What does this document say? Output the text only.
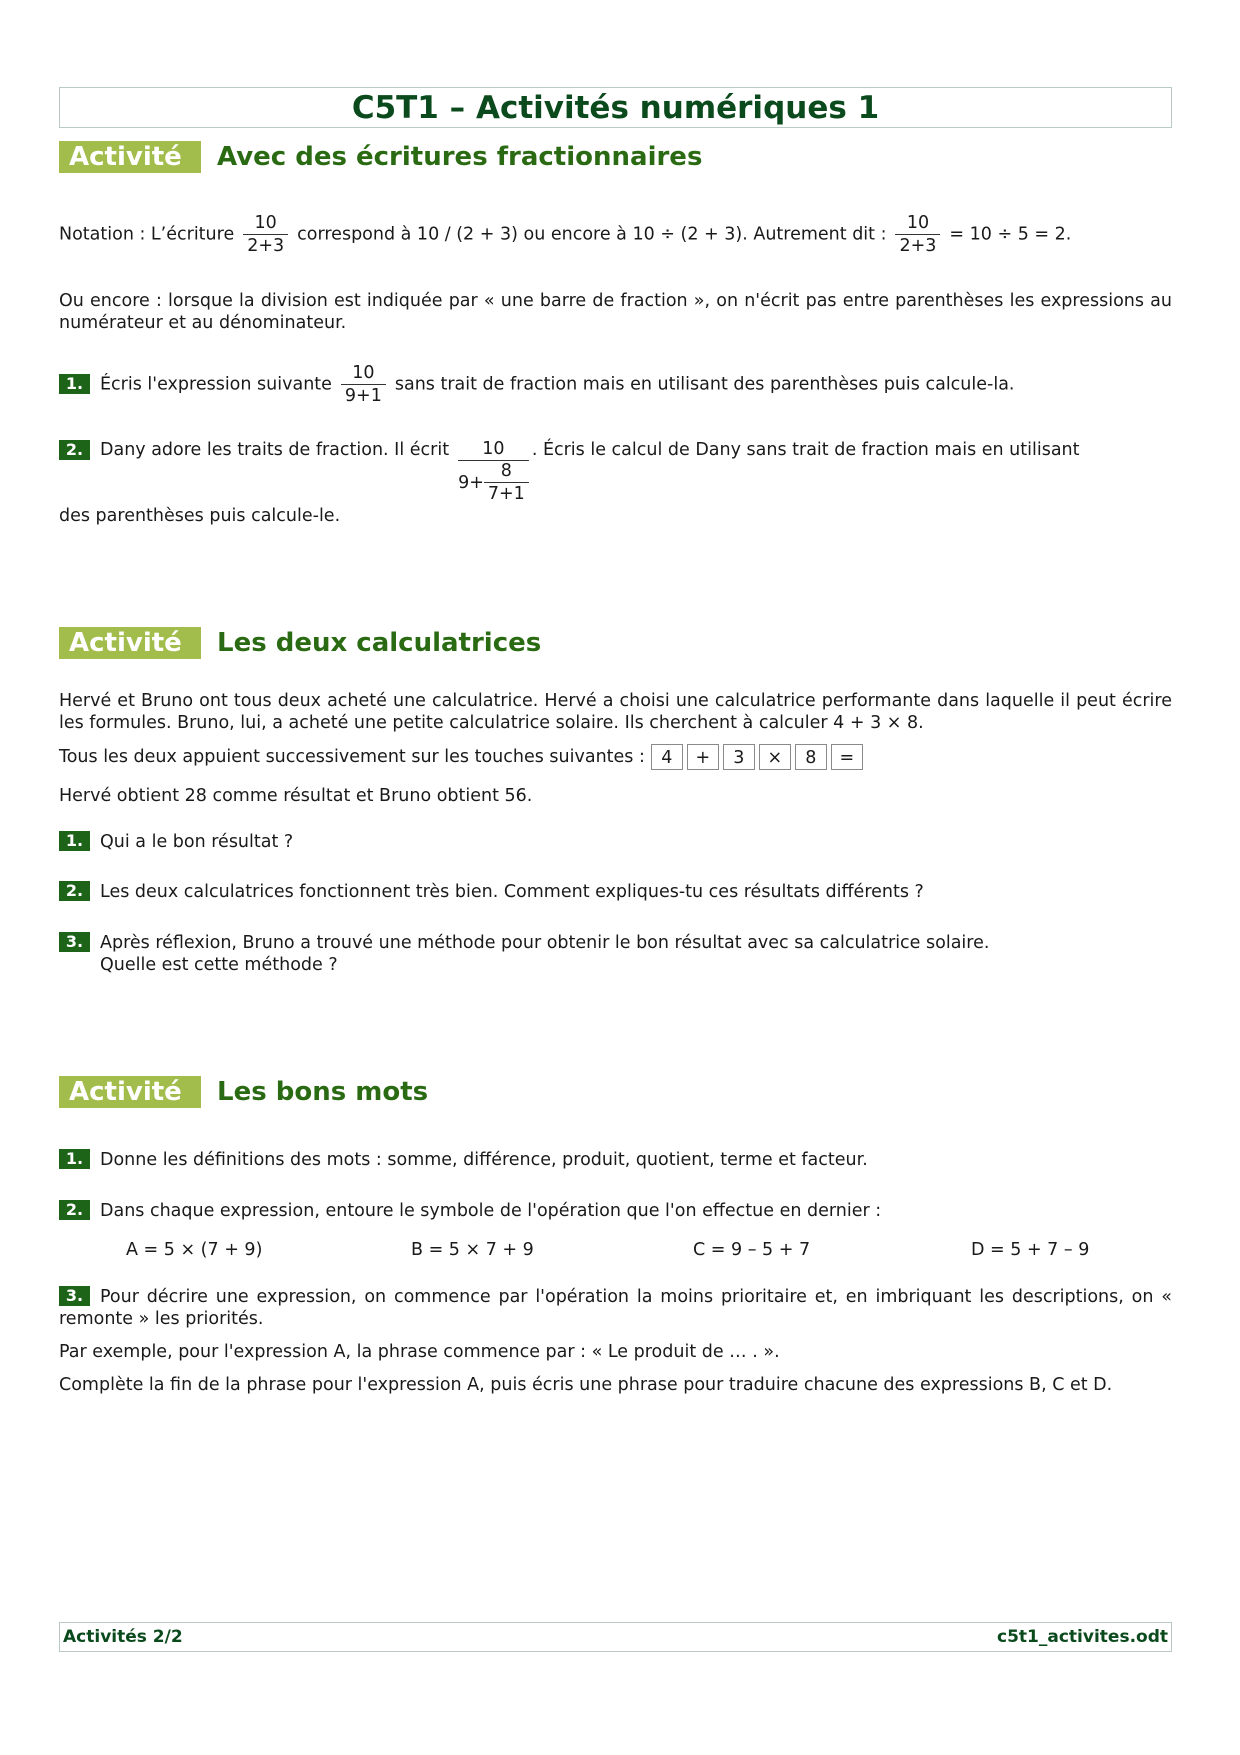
C5T1 – Activités numériques 1
Activité 3
Avec des écritures fractionnaires
Notation : L’écriture $\frac{10}{2+3}$ correspond à 10 / (2 + 3) ou encore à 10 ÷ (2 + 3). Autrement dit : $\frac{10}{2+3} = 10 \div 5 = 2$.
Ou encore : lorsque la division est indiquée par « une barre de fraction », on n'écrit pas entre parenthèses les expressions au numérateur et au dénominateur.
1. Écris l'expression suivante $\frac{10}{9+1}$ sans trait de fraction mais en utilisant des parenthèses puis calcule-la.
2. Dany adore les traits de fraction. Il écrit $\frac{10}{9+ \frac{8}{7+1}}$ . Écris le calcul de Dany sans trait de fraction mais en utilisant
des parenthèses puis calcule-le.
Activité 4
Les deux calculatrices
Hervé et Bruno ont tous deux acheté une calculatrice. Hervé a choisi une calculatrice performante dans laquelle il peut écrire les formules. Bruno, lui, a acheté une petite calculatrice solaire. Ils cherchent à calculer 4 + 3 × 8.
Tous les deux appuient successivement sur les touches suivantes : 4 + 3 × 8 =
Hervé obtient 28 comme résultat et Bruno obtient 56.
1. Qui a le bon résultat ?
2. Les deux calculatrices fonctionnent très bien. Comment expliques-tu ces résultats différents ?
3. Après réflexion, Bruno a trouvé une méthode pour obtenir le bon résultat avec sa calculatrice solaire.
Quelle est cette méthode ?
Activité 5
Les bons mots
1. Donne les définitions des mots : somme, différence, produit, quotient, terme et facteur.
2. Dans chaque expression, entoure le symbole de l'opération que l'on effectue en dernier :
A = 5 × (7 + 9)	B = 5 × 7 + 9	C = 9 – 5 + 7	D = 5 + 7 – 9
3. Pour décrire une expression, on commence par l'opération la moins prioritaire et, en imbriquant les descriptions, on « remonte » les priorités.
Par exemple, pour l'expression A, la phrase commence par : « Le produit de … . ».
Complète la fin de la phrase pour l'expression A, puis écris une phrase pour traduire chacune des expressions B, C et D.
Activités 2/2	c5t1_activites.odt
